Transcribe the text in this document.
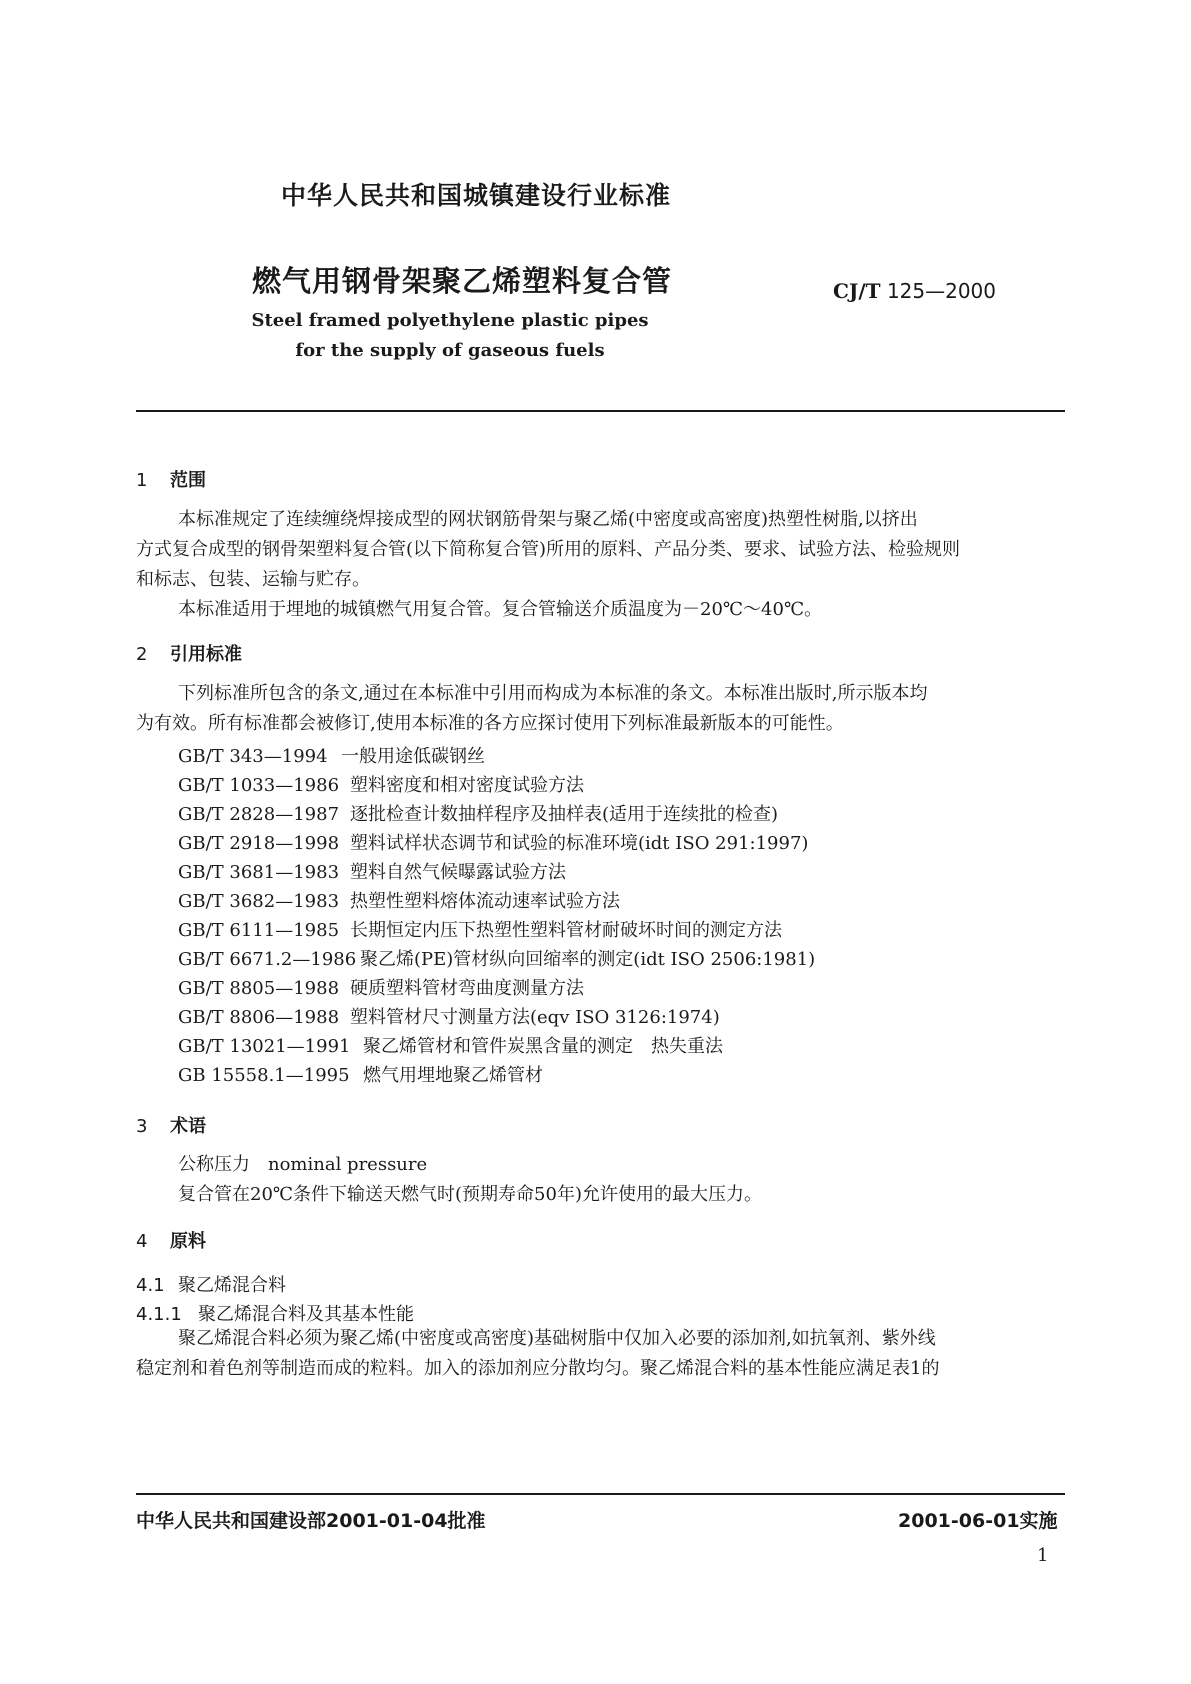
中华人民共和国城镇建设行业标准
燃气用钢骨架聚乙烯塑料复合管	CJ/T 125—2000
Steel framed polyethylene plastic pipes
for the supply of gaseous fuels
1 范围

本标准规定了连续缠绕焊接成型的网状钢筋骨架与聚乙烯(中密度或高密度)热塑性树脂,以挤出

方式复合成型的钢骨架塑料复合管(以下简称复合管)所用的原料、产品分类、要求、试验方法、检验规则

和标志、包装、运输与贮存。

本标准适用于埋地的城镇燃气用复合管。复合管输送介质温度为－20℃～40℃。

2 引用标准

下列标准所包含的条文,通过在本标准中引用而构成为本标准的条文。本标准出版时,所示版本均

为有效。所有标准都会被修订,使用本标准的各方应探讨使用下列标准最新版本的可能性。

GB/T 343—1994 一般用途低碳钢丝
GB/T 1033—1986 塑料密度和相对密度试验方法
GB/T 2828—1987 逐批检查计数抽样程序及抽样表(适用于连续批的检查)
GB/T 2918—1998 塑料试样状态调节和试验的标准环境(idt ISO 291:1997)
GB/T 3681—1983 塑料自然气候曝露试验方法
GB/T 3682—1983 热塑性塑料熔体流动速率试验方法
GB/T 6111—1985 长期恒定内压下热塑性塑料管材耐破坏时间的测定方法
GB/T 6671.2—1986 聚乙烯(PE)管材纵向回缩率的测定(idt ISO 2506:1981)
GB/T 8805—1988 硬质塑料管材弯曲度测量方法
GB/T 8806—1988 塑料管材尺寸测量方法(eqv ISO 3126:1974)
GB/T 13021—1991 聚乙烯管材和管件炭黑含量的测定　热失重法
GB 15558.1—1995 燃气用埋地聚乙烯管材
3 术语

公称压力　nominal pressure

复合管在20℃条件下输送天燃气时(预期寿命50年)允许使用的最大压力。

4 原料
4.1 聚乙烯混合料
4.1.1 聚乙烯混合料及其基本性能

聚乙烯混合料必须为聚乙烯(中密度或高密度)基础树脂中仅加入必要的添加剂,如抗氧剂、紫外线

稳定剂和着色剂等制造而成的粒料。加入的添加剂应分散均匀。聚乙烯混合料的基本性能应满足表1的

中华人民共和国建设部2001-01-04批准	2001-06-01实施
1
